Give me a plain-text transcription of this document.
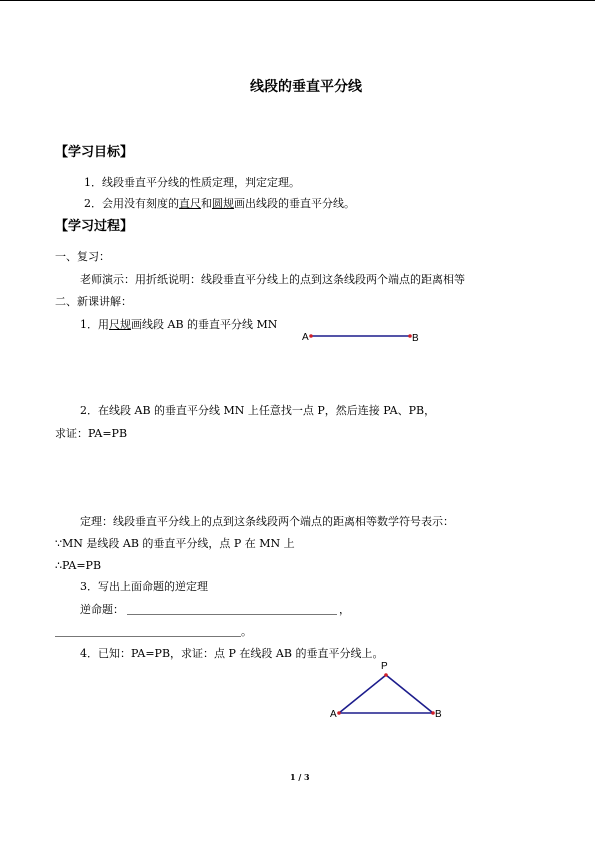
线段的垂直平分线
【学习目标】
1．线段垂直平分线的性质定理，判定定理。
2．会用没有刻度的直尺和圆规画出线段的垂直平分线。
【学习过程】
一、复习：
老师演示：用折纸说明：线段垂直平分线上的点到这条线段两个端点的距离相等
二、新课讲解：
1．用尺规画线段 AB 的垂直平分线 MN
A	B
2．在线段 AB 的垂直平分线 MN 上任意找一点 P，然后连接 PA、PB，
求证：PA=PB
定理：线段垂直平分线上的点到这条线段两个端点的距离相等数学符号表示：
∵MN 是线段 AB 的垂直平分线，点 P 在 MN 上
∴PA=PB
3．写出上面命题的逆定理
逆命题：	，
。
4．已知：PA=PB，求证：点 P 在线段 AB 的垂直平分线上。
P
A	B
1 / 3
